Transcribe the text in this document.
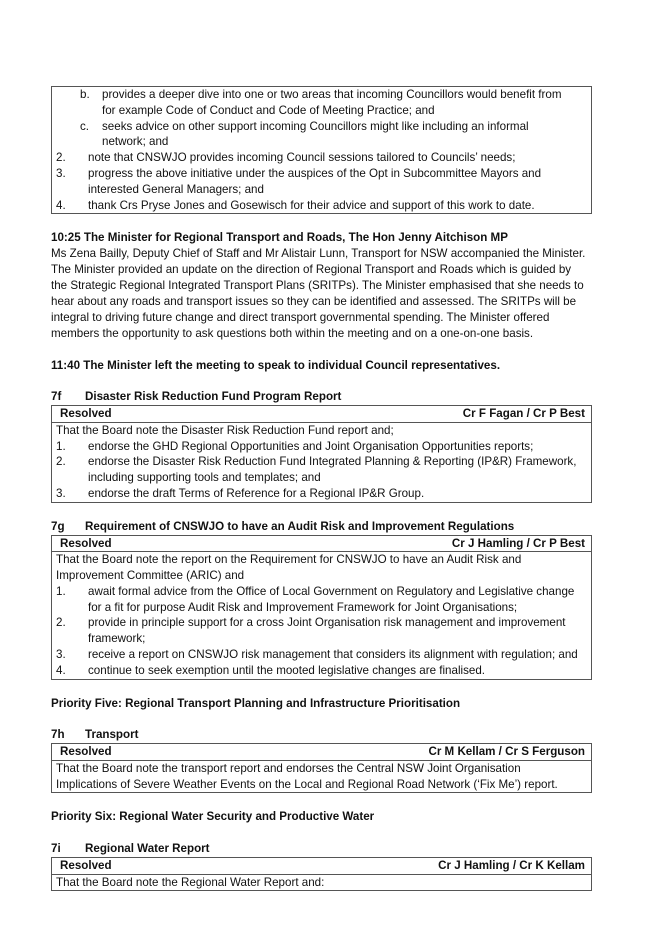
b.	provides a deeper dive into one or two areas that incoming Councillors would benefit from
for example Code of Conduct and Code of Meeting Practice; and
c.	seeks advice on other support incoming Councillors might like including an informal
network; and
2.	note that CNSWJO provides incoming Council sessions tailored to Councils’ needs;
3.	progress the above initiative under the auspices of the Opt in Subcommittee Mayors and
interested General Managers; and
4.	thank Crs Pryse Jones and Gosewisch for their advice and support of this work to date.
10:25 The Minister for Regional Transport and Roads, The Hon Jenny Aitchison MP
Ms Zena Bailly, Deputy Chief of Staff and Mr Alistair Lunn, Transport for NSW accompanied the Minister.
The Minister provided an update on the direction of Regional Transport and Roads which is guided by
the Strategic Regional Integrated Transport Plans (SRITPs). The Minister emphasised that she needs to
hear about any roads and transport issues so they can be identified and assessed. The SRITPs will be
integral to driving future change and direct transport governmental spending. The Minister offered
members the opportunity to ask questions both within the meeting and on a one-on-one basis.
11:40 The Minister left the meeting to speak to individual Council representatives.
7f	Disaster Risk Reduction Fund Program Report
Resolved	Cr F Fagan / Cr P Best
That the Board note the Disaster Risk Reduction Fund report and;
1.	endorse the GHD Regional Opportunities and Joint Organisation Opportunities reports;
2.	endorse the Disaster Risk Reduction Fund Integrated Planning & Reporting (IP&R) Framework,
including supporting tools and templates; and
3.	endorse the draft Terms of Reference for a Regional IP&R Group.
7g	Requirement of CNSWJO to have an Audit Risk and Improvement Regulations
Resolved	Cr J Hamling / Cr P Best
That the Board note the report on the Requirement for CNSWJO to have an Audit Risk and
Improvement Committee (ARIC) and
1.	await formal advice from the Office of Local Government on Regulatory and Legislative change
for a fit for purpose Audit Risk and Improvement Framework for Joint Organisations;
2.	provide in principle support for a cross Joint Organisation risk management and improvement
framework;
3.	receive a report on CNSWJO risk management that considers its alignment with regulation; and
4.	continue to seek exemption until the mooted legislative changes are finalised.
Priority Five: Regional Transport Planning and Infrastructure Prioritisation
7h	Transport
Resolved	Cr M Kellam / Cr S Ferguson
That the Board note the transport report and endorses the Central NSW Joint Organisation
Implications of Severe Weather Events on the Local and Regional Road Network (‘Fix Me’) report.
Priority Six: Regional Water Security and Productive Water
7i	Regional Water Report
Resolved	Cr J Hamling / Cr K Kellam
That the Board note the Regional Water Report and:
